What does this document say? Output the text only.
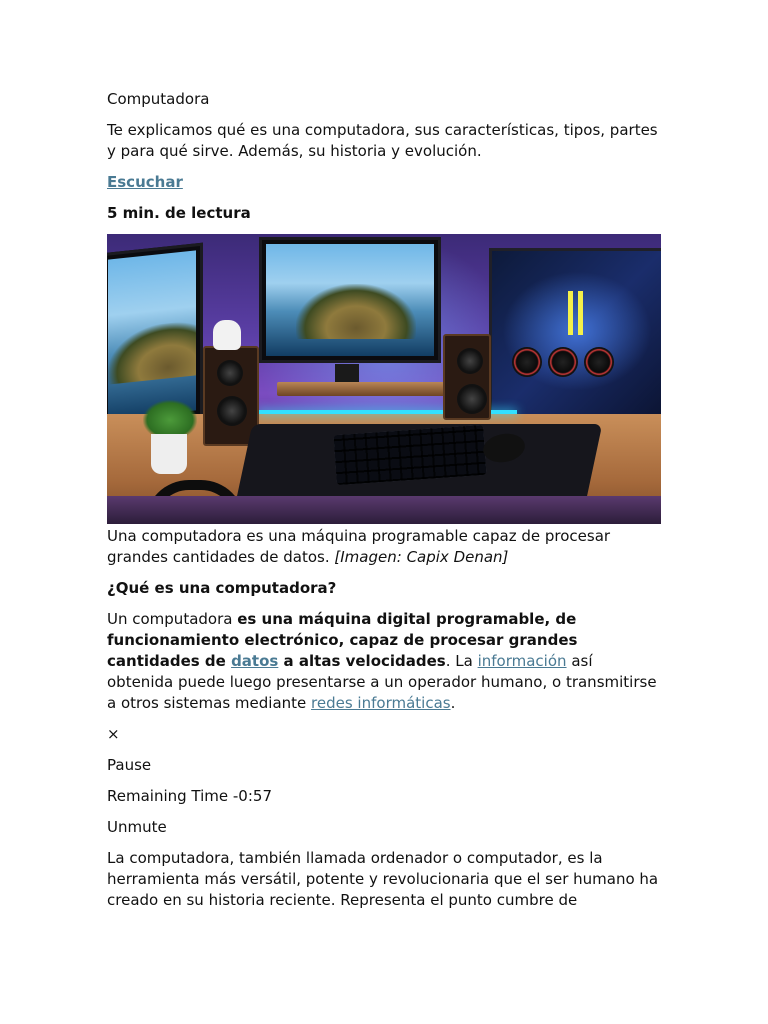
Computadora

Te explicamos qué es una computadora, sus características, tipos, partes y para qué sirve. Además, su historia y evolución.

Escuchar

5 min. de lectura

Una computadora es una máquina programable capaz de procesar grandes cantidades de datos. [Imagen: Capix Denan]

¿Qué es una computadora?

Un computadora es una máquina digital programable, de funcionamiento electrónico, capaz de procesar grandes cantidades de datos a altas velocidades. La información así obtenida puede luego presentarse a un operador humano, o transmitirse a otros sistemas mediante redes informáticas.

×

Pause

Remaining Time -0:57

Unmute

La computadora, también llamada ordenador o computador, es la herramienta más versátil, potente y revolucionaria que el ser humano ha creado en su historia reciente. Representa el punto cumbre de
